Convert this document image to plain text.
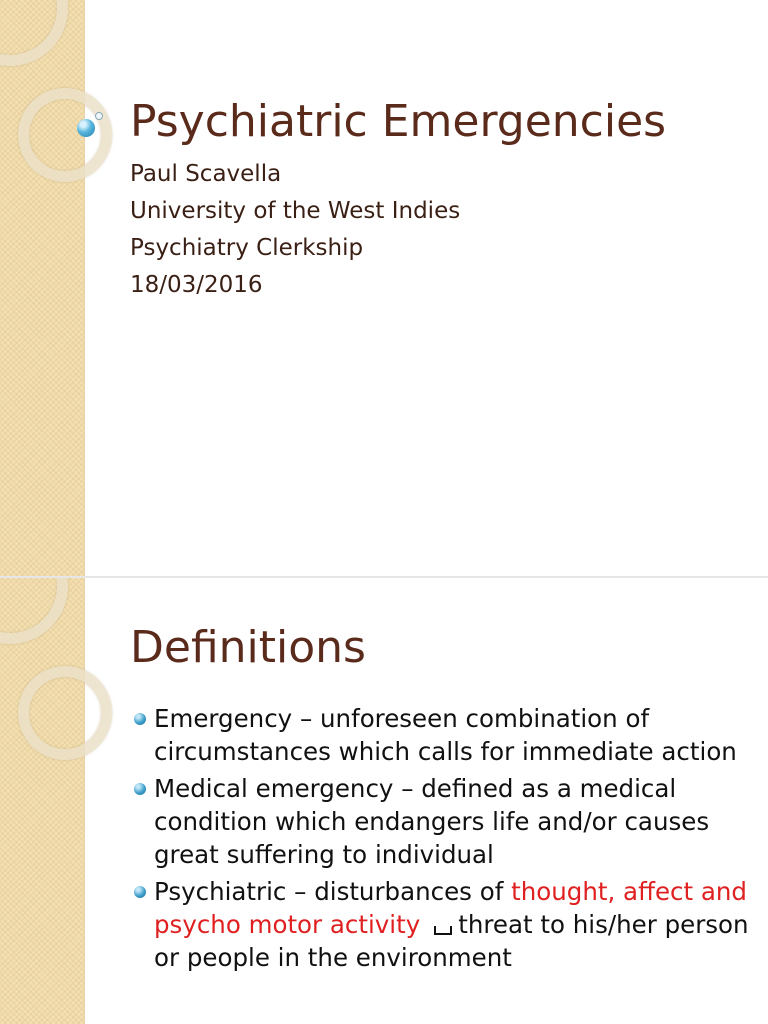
Psychiatric Emergencies
Paul Scavella
University of the West Indies
Psychiatry Clerkship
18/03/2016
Definitions
Emergency – unforeseen combination of circumstances which calls for immediate action
Medical emergency – defined as a medical condition which endangers life and/or causes great suffering to individual
Psychiatric – disturbances of thought, affect and psycho motor activity threat to his/her person or people in the environment
